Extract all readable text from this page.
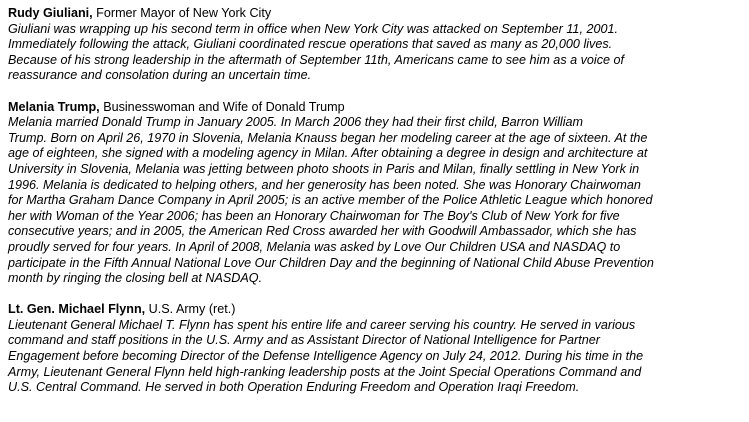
Rudy Giuliani, Former Mayor of New York City
Giuliani was wrapping up his second term in office when New York City was attacked on September 11, 2001.
Immediately following the attack, Giuliani coordinated rescue operations that saved as many as 20,000 lives.
Because of his strong leadership in the aftermath of September 11th, Americans came to see him as a voice of
reassurance and consolation during an uncertain time.
Melania Trump, Businesswoman and Wife of Donald Trump
Melania married Donald Trump in January 2005. In March 2006 they had their first child, Barron William
Trump. Born on April 26, 1970 in Slovenia, Melania Knauss began her modeling career at the age of sixteen. At the
age of eighteen, she signed with a modeling agency in Milan. After obtaining a degree in design and architecture at
University in Slovenia, Melania was jetting between photo shoots in Paris and Milan, finally settling in New York in
1996. Melania is dedicated to helping others, and her generosity has been noted. She was Honorary Chairwoman
for Martha Graham Dance Company in April 2005; is an active member of the Police Athletic League which honored
her with Woman of the Year 2006; has been an Honorary Chairwoman for The Boy's Club of New York for five
consecutive years; and in 2005, the American Red Cross awarded her with Goodwill Ambassador, which she has
proudly served for four years. In April of 2008, Melania was asked by Love Our Children USA and NASDAQ to
participate in the Fifth Annual National Love Our Children Day and the beginning of National Child Abuse Prevention
month by ringing the closing bell at NASDAQ.
Lt. Gen. Michael Flynn, U.S. Army (ret.)
Lieutenant General Michael T. Flynn has spent his entire life and career serving his country. He served in various
command and staff positions in the U.S. Army and as Assistant Director of National Intelligence for Partner
Engagement before becoming Director of the Defense Intelligence Agency on July 24, 2012. During his time in the
Army, Lieutenant General Flynn held high-ranking leadership posts at the Joint Special Operations Command and
U.S. Central Command. He served in both Operation Enduring Freedom and Operation Iraqi Freedom.
